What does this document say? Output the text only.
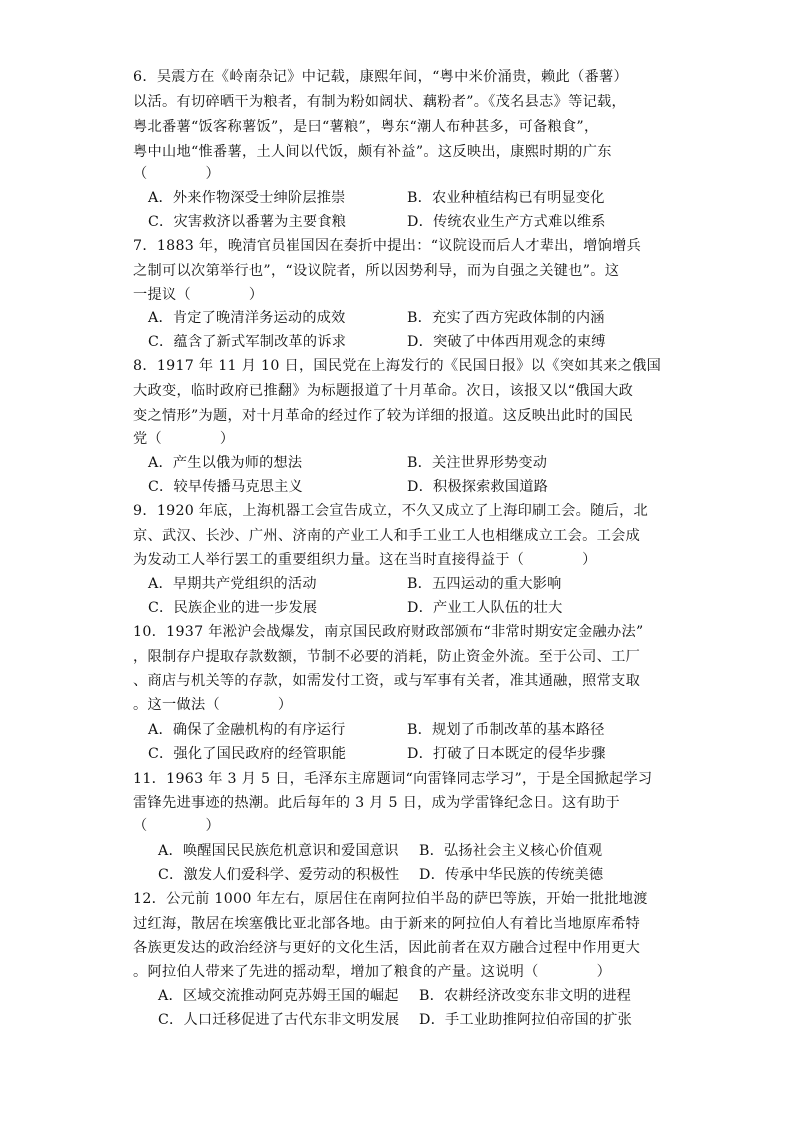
6．吴震方在《岭南杂记》中记载，康熙年间，“粤中米价涌贵，赖此（番薯）
以活。有切碎晒干为粮者，有制为粉如阔状、藕粉者”。《茂名县志》等记载，
粤北番薯“饭客称薯饭”，是曰“薯粮”，粤东“潮人布种甚多，可备粮食”，
粤中山地“惟番薯，土人间以代饭，颇有补益”。这反映出，康熙时期的广东
（　　　　）
A．外来作物深受士绅阶层推崇	B．农业种植结构已有明显变化
C．灾害救济以番薯为主要食粮	D．传统农业生产方式难以维系
7．1883 年，晚清官员崔国因在奏折中提出：“议院设而后人才辈出，增饷增兵
之制可以次第举行也”，“设议院者，所以因势利导，而为自强之关键也”。这
一提议（　　　　）
A．肯定了晚清洋务运动的成效	B．充实了西方宪政体制的内涵
C．蕴含了新式军制改革的诉求	D．突破了中体西用观念的束缚
8．1917 年 11 月 10 日，国民党在上海发行的《民国日报》以《突如其来之俄国
大政变，临时政府已推翻》为标题报道了十月革命。次日，该报又以“俄国大政
变之情形”为题，对十月革命的经过作了较为详细的报道。这反映出此时的国民
党（　　　　）
A．产生以俄为师的想法	B．关注世界形势变动
C．较早传播马克思主义	D．积极探索救国道路
9．1920 年底，上海机器工会宣告成立，不久又成立了上海印刷工会。随后，北
京、武汉、长沙、广州、济南的产业工人和手工业工人也相继成立工会。工会成
为发动工人举行罢工的重要组织力量。这在当时直接得益于（　　　　）
A．早期共产党组织的活动	B．五四运动的重大影响
C．民族企业的进一步发展	D．产业工人队伍的壮大
10．1937 年淞沪会战爆发，南京国民政府财政部颁布“非常时期安定金融办法”
，限制存户提取存款数额，节制不必要的消耗，防止资金外流。至于公司、工厂
、商店与机关等的存款，如需发付工资，或与军事有关者，准其通融，照常支取
。这一做法（　　　　）
A．确保了金融机构的有序运行	B．规划了币制改革的基本路径
C．强化了国民政府的经管职能	D．打破了日本既定的侵华步骤
11．1963 年 3 月 5 日，毛泽东主席题词“向雷锋同志学习”，于是全国掀起学习
雷锋先进事迹的热潮。此后每年的 3 月 5 日，成为学雷锋纪念日。这有助于
（　　　　）
A．唤醒国民民族危机意识和爱国意识 B．弘扬社会主义核心价值观
C．激发人们爱科学、爱劳动的积极性 D．传承中华民族的传统美德
12．公元前 1000 年左右，原居住在南阿拉伯半岛的萨巴等族，开始一批批地渡
过红海，散居在埃塞俄比亚北部各地。由于新来的阿拉伯人有着比当地原库希特
各族更发达的政治经济与更好的文化生活，因此前者在双方融合过程中作用更大
。阿拉伯人带来了先进的摇动犁，增加了粮食的产量。这说明（　　　　）
A．区域交流推动阿克苏姆王国的崛起 B．农耕经济改变东非文明的进程
C．人口迁移促进了古代东非文明发展 D．手工业助推阿拉伯帝国的扩张
